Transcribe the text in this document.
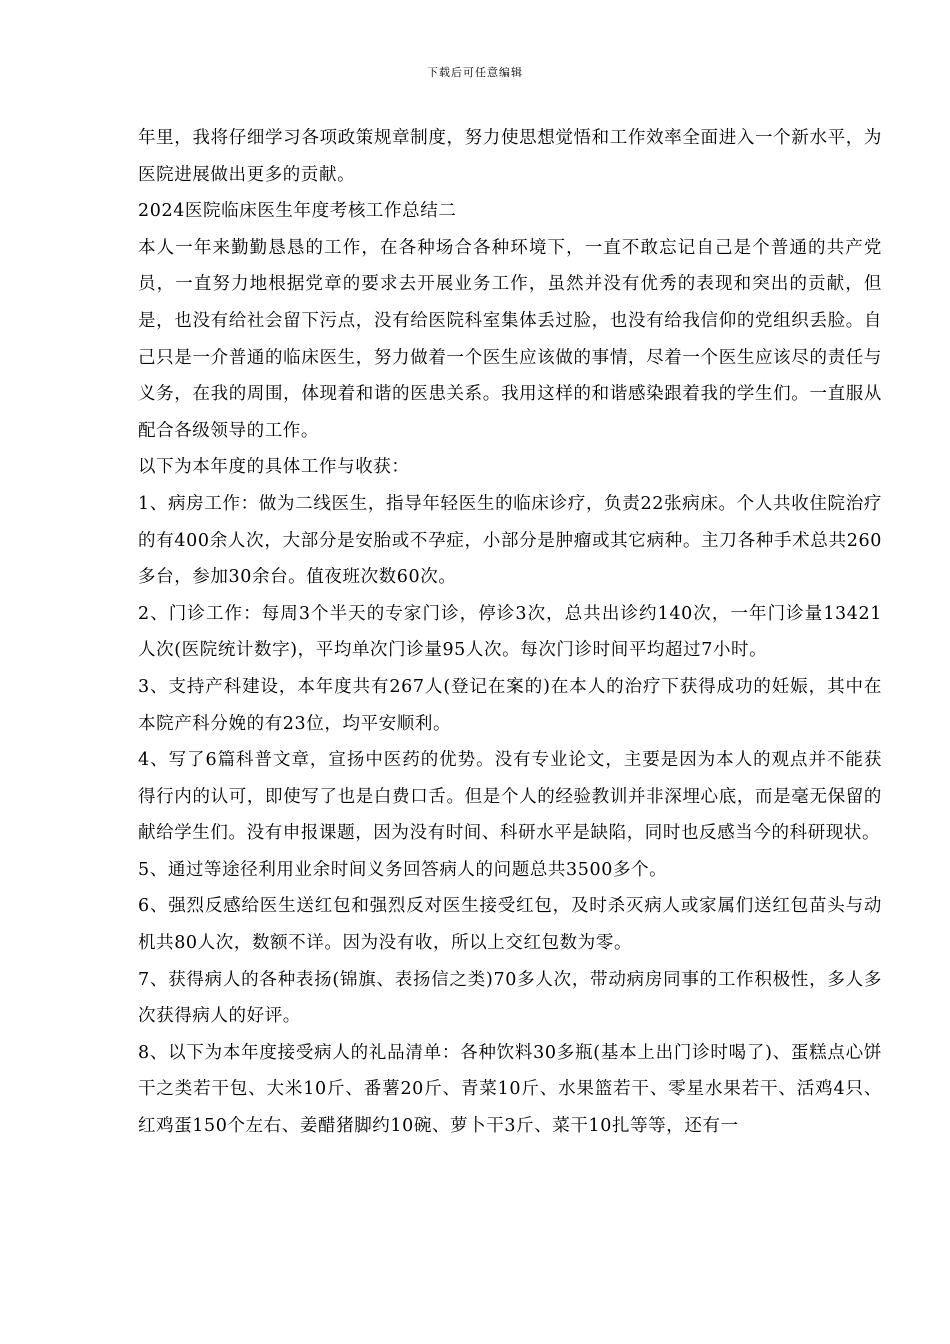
下载后可任意编辑

年里，我将仔细学习各项政策规章制度，努力使思想觉悟和工作效率全面进入一个新水平，为医院进展做出更多的贡献。

2024医院临床医生年度考核工作总结二

本人一年来勤勤恳恳的工作，在各种场合各种环境下，一直不敢忘记自己是个普通的共产党员，一直努力地根据党章的要求去开展业务工作，虽然并没有优秀的表现和突出的贡献，但是，也没有给社会留下污点，没有给医院科室集体丢过脸，也没有给我信仰的党组织丢脸。自己只是一介普通的临床医生，努力做着一个医生应该做的事情，尽着一个医生应该尽的责任与义务，在我的周围，体现着和谐的医患关系。我用这样的和谐感染跟着我的学生们。一直服从配合各级领导的工作。

以下为本年度的具体工作与收获：

1、病房工作：做为二线医生，指导年轻医生的临床诊疗，负责22张病床。个人共收住院治疗的有400余人次，大部分是安胎或不孕症，小部分是肿瘤或其它病种。主刀各种手术总共260多台，参加30余台。值夜班次数60次。

2、门诊工作：每周3个半天的专家门诊，停诊3次，总共出诊约140次，一年门诊量13421人次(医院统计数字)，平均单次门诊量95人次。每次门诊时间平均超过7小时。

3、支持产科建设，本年度共有267人(登记在案的)在本人的治疗下获得成功的妊娠，其中在本院产科分娩的有23位，均平安顺利。

4、写了6篇科普文章，宣扬中医药的优势。没有专业论文，主要是因为本人的观点并不能获得行内的认可，即使写了也是白费口舌。但是个人的经验教训并非深埋心底，而是毫无保留的献给学生们。没有申报课题，因为没有时间、科研水平是缺陷，同时也反感当今的科研现状。

5、通过等途径利用业余时间义务回答病人的问题总共3500多个。

6、强烈反感给医生送红包和强烈反对医生接受红包，及时杀灭病人或家属们送红包苗头与动机共80人次，数额不详。因为没有收，所以上交红包数为零。

7、获得病人的各种表扬(锦旗、表扬信之类)70多人次，带动病房同事的工作积极性，多人多次获得病人的好评。

8、以下为本年度接受病人的礼品清单：各种饮料30多瓶(基本上出门诊时喝了)、蛋糕点心饼干之类若干包、大米10斤、番薯20斤、青菜10斤、水果篮若干、零星水果若干、活鸡4只、红鸡蛋150个左右、姜醋猪脚约10碗、萝卜干3斤、菜干10扎等等，还有一
